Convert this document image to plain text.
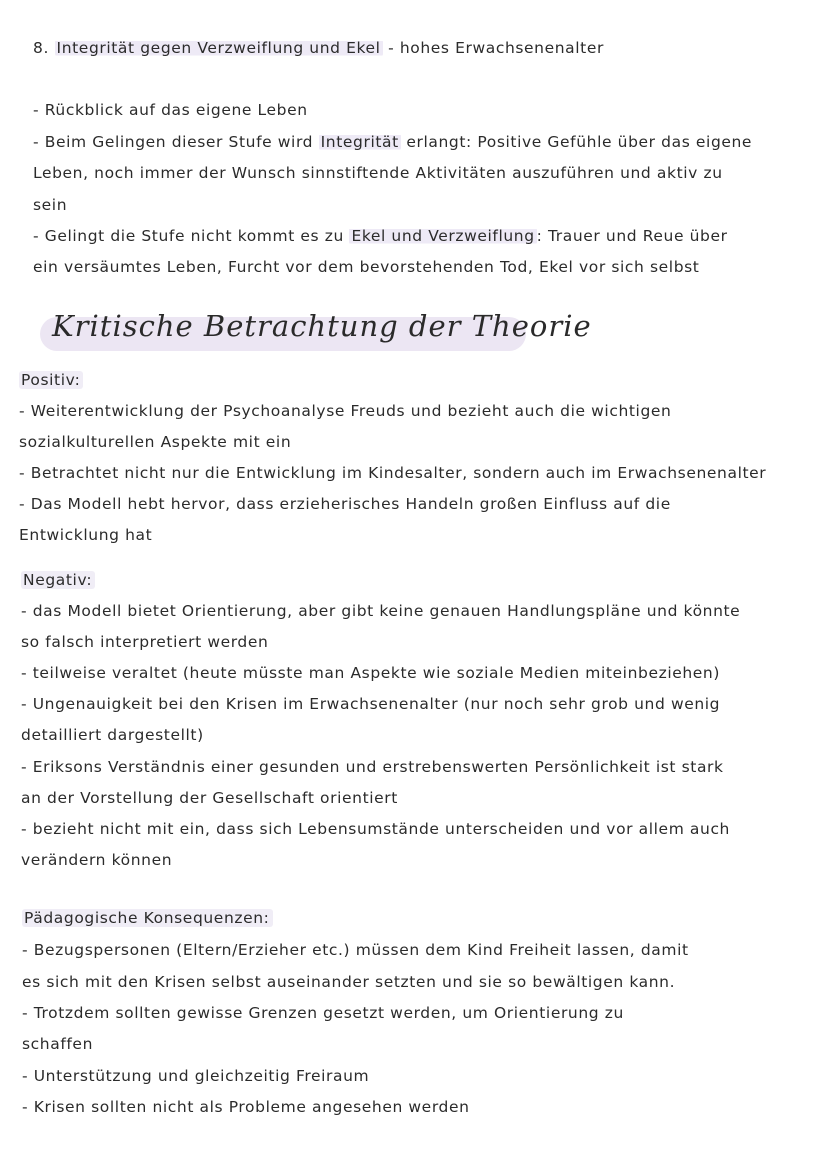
8. Integrität gegen Verzweiflung und Ekel - hohes Erwachsenenalter
- Rückblick auf das eigene Leben
- Beim Gelingen dieser Stufe wird Integrität erlangt: Positive Gefühle über das eigene
Leben, noch immer der Wunsch sinnstiftende Aktivitäten auszuführen und aktiv zu
sein
- Gelingt die Stufe nicht kommt es zu Ekel und Verzweiflung : Trauer und Reue über
ein versäumtes Leben, Furcht vor dem bevorstehenden Tod, Ekel vor sich selbst
Kritische Betrachtung der Theorie
Positiv:
- Weiterentwicklung der Psychoanalyse Freuds und bezieht auch die wichtigen
sozialkulturellen Aspekte mit ein
- Betrachtet nicht nur die Entwicklung im Kindesalter, sondern auch im Erwachsenenalter
- Das Modell hebt hervor, dass erzieherisches Handeln großen Einfluss auf die
Entwicklung hat
Negativ:
- das Modell bietet Orientierung, aber gibt keine genauen Handlungspläne und könnte
so falsch interpretiert werden
- teilweise veraltet (heute müsste man Aspekte wie soziale Medien miteinbeziehen)
- Ungenauigkeit bei den Krisen im Erwachsenenalter (nur noch sehr grob und wenig
detailliert dargestellt)
- Eriksons Verständnis einer gesunden und erstrebenswerten Persönlichkeit ist stark
an der Vorstellung der Gesellschaft orientiert
- bezieht nicht mit ein, dass sich Lebensumstände unterscheiden und vor allem auch
verändern können
Pädagogische Konsequenzen:
- Bezugspersonen (Eltern/Erzieher etc.) müssen dem Kind Freiheit lassen, damit
es sich mit den Krisen selbst auseinander setzten und sie so bewältigen kann.
- Trotzdem sollten gewisse Grenzen gesetzt werden, um Orientierung zu
schaffen
- Unterstützung und gleichzeitig Freiraum
- Krisen sollten nicht als Probleme angesehen werden
